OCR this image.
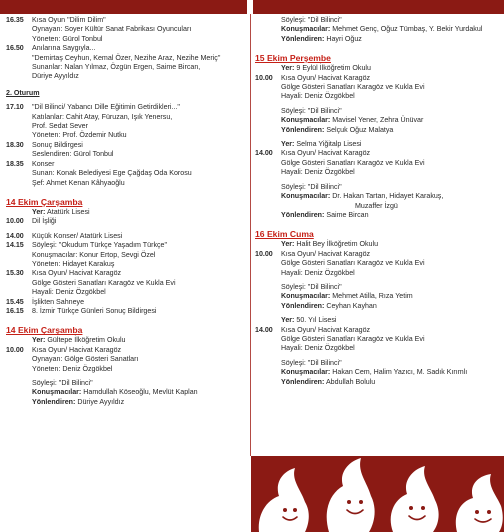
16.35	Kısa Oyun "Dilim Dilim"
Oynayan: Soyer Kültür Sanat Fabrikası Oyuncuları
Yöneten: Gürol Tonbul
16.50	Anılarına Saygıyla...
"Demirtaş Ceyhun, Kemal Özer, Nezihe Araz, Nezihe Meriç"
Sunanlar: Nalan Yılmaz, Özgün Ergen, Saime Bircan,
Düriye Ayyıldız
2. Oturum
17.10	"Dil Bilinci/ Yabancı Dille Eğitimin Getirdikleri..."
Katılanlar: Cahit Atay, Füruzan, Işık Yenersu,
Prof. Sedat Sever
Yöneten: Prof. Özdemir Nutku
18.30	Sonuç Bildirgesi
Seslendiren: Gürol Tonbul
18.35	Konser
Sunan: Konak Belediyesi Ege Çağdaş Oda Korosu
Şef: Ahmet Kenan Kâhyaoğlu
14 Ekim Çarşamba
Yer: Atatürk Lisesi
10.00	Dil İşliği
14.00	Küçük Konser/ Atatürk Lisesi
14.15	Söyleşi: "Okudum Türkçe Yaşadım Türkçe"
Konuşmacılar: Konur Ertop, Sevgi Özel
Yöneten: Hidayet Karakuş
15.30	Kısa Oyun/ Hacivat Karagöz
Gölge Gösteri Sanatları Karagöz ve Kukla Evi
Hayali: Deniz Özgökbel
15.45	İşlikten Sahneye
16.15	8. İzmir Türkçe Günleri Sonuç Bildirgesi
14 Ekim Çarşamba
Yer: Gültepe İlköğretim Okulu
10.00	Kısa Oyun/ Hacivat Karagöz
Oynayan: Gölge Gösteri Sanatları
Yöneten: Deniz Özgökbel
Söyleşi: "Dil Bilinci"
Konuşmacılar: Hamdullah Köseoğlu, Mevlüt Kaplan
Yönlendiren: Düriye Ayyıldız
Söyleşi: "Dil Bilinci"
Konuşmacılar: Mehmet Genç, Oğuz Tümbaş, Y. Bekir Yurdakul
Yönlendiren: Hayri Oğuz
15 Ekim Perşembe
Yer: 9 Eylül İlköğretim Okulu
10.00	Kısa Oyun/ Hacivat Karagöz
Gölge Gösteri Sanatları Karagöz ve Kukla Evi
Hayali: Deniz Özgökbel
Söyleşi: "Dil Bilinci"
Konuşmacılar: Mavisel Yener, Zehra Ünüvar
Yönlendiren: Selçuk Oğuz Malatya
Yer: Selma Yiğitalp Lisesi
14.00	Kısa Oyun/ Hacivat Karagöz
Gölge Gösteri Sanatları Karagöz ve Kukla Evi
Hayali: Deniz Özgökbel
Söyleşi: "Dil Bilinci"
Konuşmacılar: Dr. Hakan Tartan, Hidayet Karakuş,
Muzaffer İzgü
Yönlendiren: Saime Bircan
16 Ekim Cuma
Yer: Halit Bey İlköğretim Okulu
10.00	Kısa Oyun/ Hacivat Karagöz
Gölge Gösteri Sanatları Karagöz ve Kukla Evi
Hayali: Deniz Özgökbel
Söyleşi: "Dil Bilinci"
Konuşmacılar: Mehmet Atilla, Rıza Yetim
Yönlendiren: Ceyhan Kayhan
Yer: 50. Yıl Lisesi
14.00	Kısa Oyun/ Hacivat Karagöz
Gölge Gösteri Sanatları Karagöz ve Kukla Evi
Hayali: Deniz Özgökbel
Söyleşi: "Dil Bilinci"
Konuşmacılar: Hakan Cem, Halim Yazıcı, M. Sadık Kırımlı
Yönlendiren: Abdullah Bolulu
